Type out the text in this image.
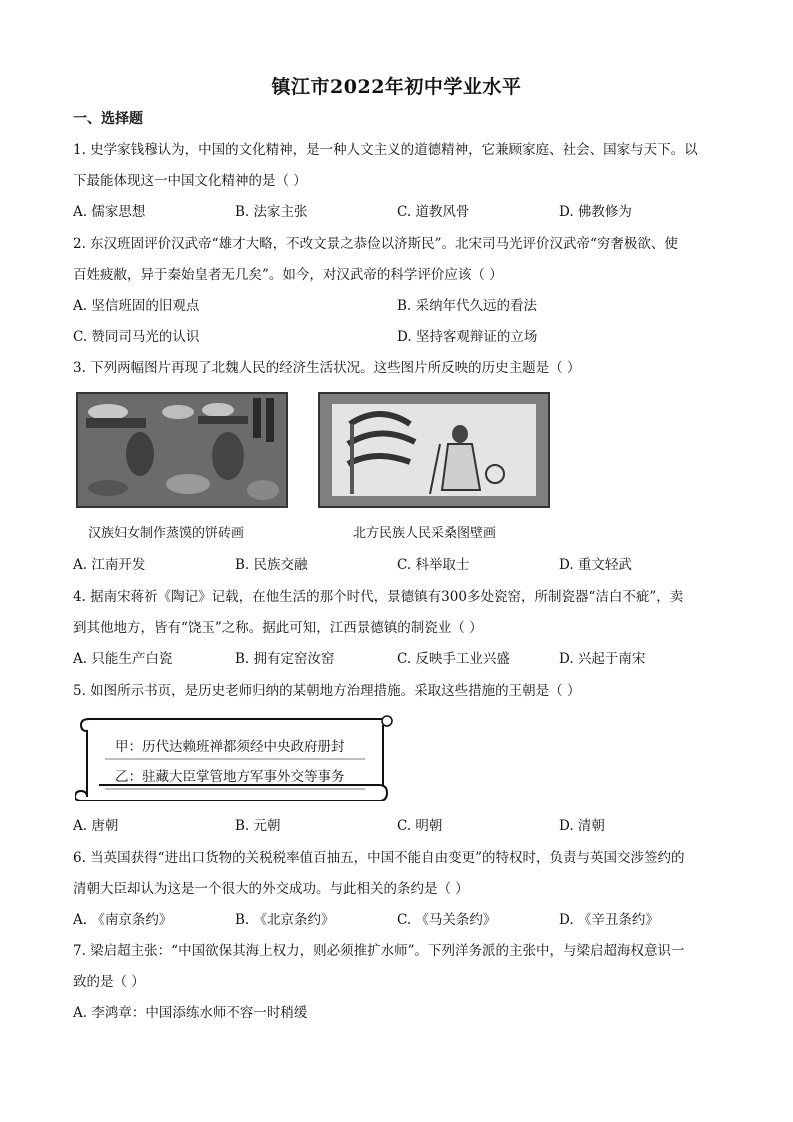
镇江市2022年初中学业水平
一、选择题
1. 史学家钱穆认为，中国的文化精神，是一种人文主义的道德精神，它兼顾家庭、社会、国家与天下。以
下最能体现这一中国文化精神的是（ ）
A. 儒家思想	B. 法家主张	C. 道教风骨	D. 佛教修为
2. 东汉班固评价汉武帝“雄才大略，不改文景之恭俭以济斯民”。北宋司马光评价汉武帝“穷奢极欲、使
百姓疲敝，异于秦始皇者无几矣”。如今，对汉武帝的科学评价应该（ ）
A. 坚信班固的旧观点	B. 采纳年代久远的看法
C. 赞同司马光的认识	D. 坚持客观辩证的立场
3. 下列两幅图片再现了北魏人民的经济生活状况。这些图片所反映的历史主题是（ ）
汉族妇女制作蒸馍的饼砖画	北方民族人民采桑图壁画
A. 江南开发	B. 民族交融	C. 科举取士	D. 重文轻武
4. 据南宋蒋祈《陶记》记载，在他生活的那个时代，景德镇有300多处瓷窑，所制瓷器“洁白不疵”，卖
到其他地方，皆有“饶玉”之称。据此可知，江西景德镇的制瓷业（ ）
A. 只能生产白瓷	B. 拥有定窑汝窑	C. 反映手工业兴盛	D. 兴起于南宋
5. 如图所示书页，是历史老师归纳的某朝地方治理措施。采取这些措施的王朝是（ ）
甲：历代达赖班禅都须经中央政府册封
乙：驻藏大臣掌管地方军事外交等事务
A. 唐朝	B. 元朝	C. 明朝	D. 清朝
6. 当英国获得“进出口货物的关税税率值百抽五，中国不能自由变更”的特权时，负责与英国交涉签约的
清朝大臣却认为这是一个很大的外交成功。与此相关的条约是（ ）
A. 《南京条约》	B. 《北京条约》	C. 《马关条约》	D. 《辛丑条约》
7. 梁启超主张：“中国欲保其海上权力，则必须推扩水师”。下列洋务派的主张中，与梁启超海权意识一
致的是（ ）
A. 李鸿章：中国添练水师不容一时稍缓
